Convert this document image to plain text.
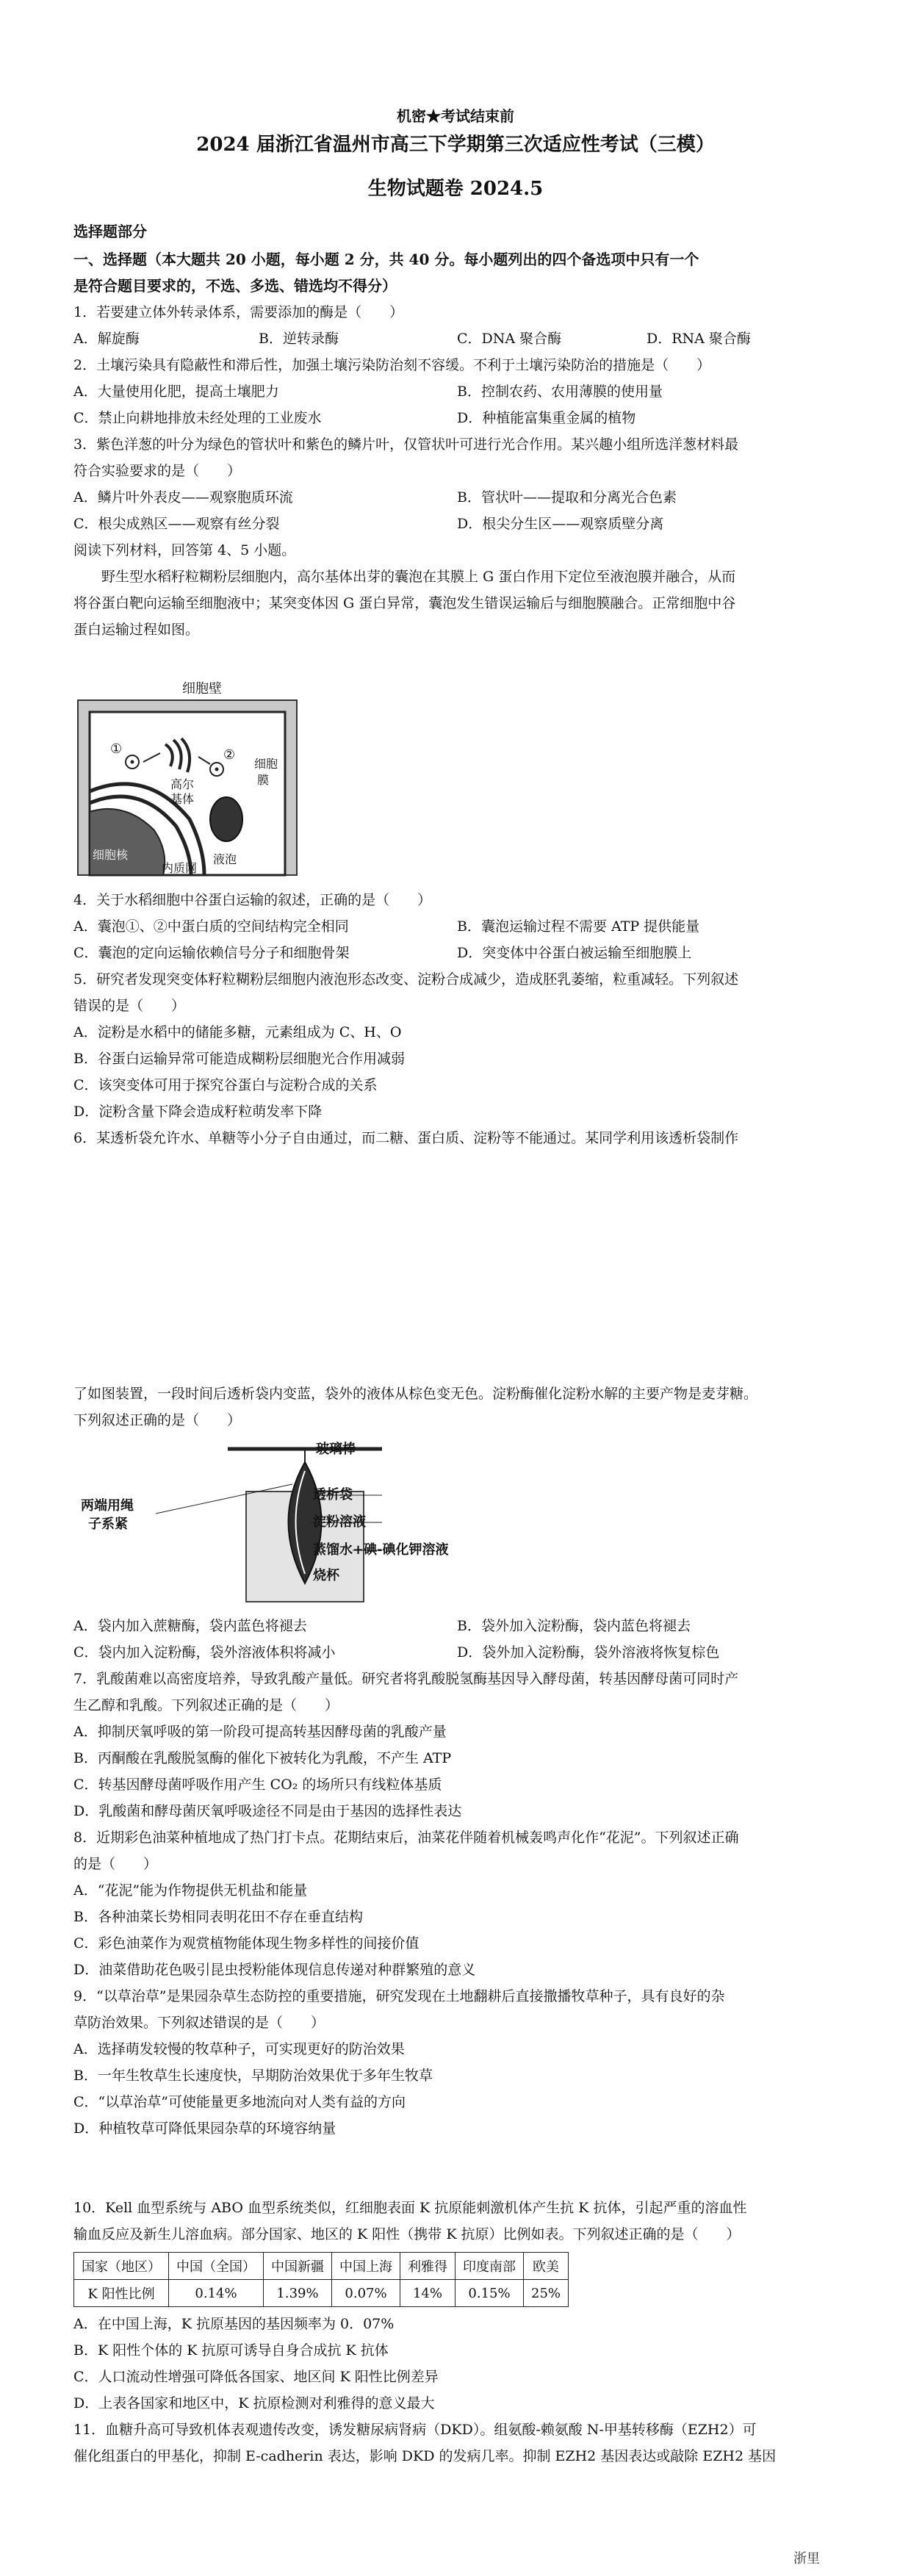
机密★考试结束前
2024 届浙江省温州市高三下学期第三次适应性考试（三模）
生物试题卷 2024.5
选择题部分
一、选择题（本大题共 20 小题，每小题 2 分，共 40 分。每小题列出的四个备选项中只有一个
是符合题目要求的，不选、多选、错选均不得分）
1．若要建立体外转录体系，需要添加的酶是（　　）
A．解旋酶	B．逆转录酶	C．DNA 聚合酶	D．RNA 聚合酶
2．土壤污染具有隐蔽性和滞后性，加强土壤污染防治刻不容缓。不利于土壤污染防治的措施是（　　）
A．大量使用化肥，提高土壤肥力	B．控制农药、农用薄膜的使用量
C．禁止向耕地排放未经处理的工业废水	D．种植能富集重金属的植物
3．紫色洋葱的叶分为绿色的管状叶和紫色的鳞片叶，仅管状叶可进行光合作用。某兴趣小组所选洋葱材料最
符合实验要求的是（　　）
A．鳞片叶外表皮——观察胞质环流	B．管状叶——提取和分离光合色素
C．根尖成熟区——观察有丝分裂	D．根尖分生区——观察质壁分离
阅读下列材料，回答第 4、5 小题。
野生型水稻籽粒糊粉层细胞内，高尔基体出芽的囊泡在其膜上 G 蛋白作用下定位至液泡膜并融合，从而
将谷蛋白靶向运输至细胞液中；某突变体因 G 蛋白异常，囊泡发生错误运输后与细胞膜融合。正常细胞中谷
蛋白运输过程如图。
细胞壁
细胞核
内质网
高尔
基体
①	②
液泡
细胞
膜
4．关于水稻细胞中谷蛋白运输的叙述，正确的是（　　）
A．囊泡①、②中蛋白质的空间结构完全相同	B．囊泡运输过程不需要 ATP 提供能量
C．囊泡的定向运输依赖信号分子和细胞骨架	D．突变体中谷蛋白被运输至细胞膜上
5．研究者发现突变体籽粒糊粉层细胞内液泡形态改变、淀粉合成减少，造成胚乳萎缩，粒重减轻。下列叙述
错误的是（　　）
A．淀粉是水稻中的储能多糖，元素组成为 C、H、O
B．谷蛋白运输异常可能造成糊粉层细胞光合作用减弱
C．该突变体可用于探究谷蛋白与淀粉合成的关系
D．淀粉含量下降会造成籽粒萌发率下降
6．某透析袋允许水、单糖等小分子自由通过，而二糖、蛋白质、淀粉等不能通过。某同学利用该透析袋制作
了如图装置，一段时间后透析袋内变蓝，袋外的液体从棕色变无色。淀粉酶催化淀粉水解的主要产物是麦芽糖。
下列叙述正确的是（　　）
玻璃棒
两端用绳
子系紧
透析袋
淀粉溶液
蒸馏水+碘-碘化钾溶液
烧杯
A．袋内加入蔗糖酶，袋内蓝色将褪去	B．袋外加入淀粉酶，袋内蓝色将褪去
C．袋内加入淀粉酶，袋外溶液体积将减小	D．袋外加入淀粉酶，袋外溶液将恢复棕色
7．乳酸菌难以高密度培养，导致乳酸产量低。研究者将乳酸脱氢酶基因导入酵母菌，转基因酵母菌可同时产
生乙醇和乳酸。下列叙述正确的是（　　）
A．抑制厌氧呼吸的第一阶段可提高转基因酵母菌的乳酸产量
B．丙酮酸在乳酸脱氢酶的催化下被转化为乳酸，不产生 ATP
C．转基因酵母菌呼吸作用产生 CO₂ 的场所只有线粒体基质
D．乳酸菌和酵母菌厌氧呼吸途径不同是由于基因的选择性表达
8．近期彩色油菜种植地成了热门打卡点。花期结束后，油菜花伴随着机械轰鸣声化作“花泥”。下列叙述正确
的是（　　）
A．“花泥”能为作物提供无机盐和能量
B．各种油菜长势相同表明花田不存在垂直结构
C．彩色油菜作为观赏植物能体现生物多样性的间接价值
D．油菜借助花色吸引昆虫授粉能体现信息传递对种群繁殖的意义
9．“以草治草”是果园杂草生态防控的重要措施，研究发现在土地翻耕后直接撒播牧草种子，具有良好的杂
草防治效果。下列叙述错误的是（　　）
A．选择萌发较慢的牧草种子，可实现更好的防治效果
B．一年生牧草生长速度快，早期防治效果优于多年生牧草
C．“以草治草”可使能量更多地流向对人类有益的方向
D．种植牧草可降低果园杂草的环境容纳量
10．Kell 血型系统与 ABO 血型系统类似，红细胞表面 K 抗原能刺激机体产生抗 K 抗体，引起严重的溶血性
输血反应及新生儿溶血病。部分国家、地区的 K 阳性（携带 K 抗原）比例如表。下列叙述正确的是（　　）
国家（地区）	中国（全国）	中国新疆	中国上海	利雅得	印度南部	欧美
K 阳性比例	0.14%	1.39%	0.07%	14%	0.15%	25%
A．在中国上海，K 抗原基因的基因频率为 0．07%
B．K 阳性个体的 K 抗原可诱导自身合成抗 K 抗体
C．人口流动性增强可降低各国家、地区间 K 阳性比例差异
D．上表各国家和地区中，K 抗原检测对利雅得的意义最大
11．血糖升高可导致机体表观遗传改变，诱发糖尿病肾病（DKD）。组氨酸-赖氨酸 N-甲基转移酶（EZH2）可
催化组蛋白的甲基化，抑制 E-cadherin 表达，影响 DKD 的发病几率。抑制 EZH2 基因表达或敲除 EZH2 基因
浙里
